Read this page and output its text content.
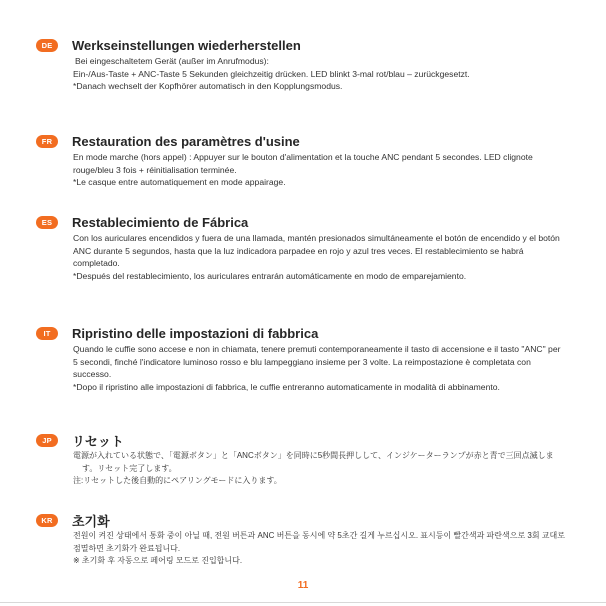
DE	Werkseinstellungen wiederherstellen

Bei eingeschaltetem Gerät (außer im Anrufmodus):

Ein-/Aus-Taste + ANC-Taste 5 Sekunden gleichzeitig drücken. LED blinkt 3-mal rot/blau – zurückgesetzt.

*Danach wechselt der Kopfhörer automatisch in den Kopplungsmodus.

FR	Restauration des paramètres d'usine

En mode marche (hors appel) : Appuyer sur le bouton d'alimentation et la touche ANC pendant 5 secondes. LED clignote rouge/bleu 3 fois + réinitialisation terminée.

*Le casque entre automatiquement en mode appairage.

ES	Restablecimiento de Fábrica

Con los auriculares encendidos y fuera de una llamada, mantén presionados simultáneamente el botón de encendido y el botón ANC durante 5 segundos, hasta que la luz indicadora parpadee en rojo y azul tres veces. El restablecimiento se habrá completado.

*Después del restablecimiento, los auriculares entrarán automáticamente en modo de emparejamiento.

IT	Ripristino delle impostazioni di fabbrica

Quando le cuffie sono accese e non in chiamata, tenere premuti contemporaneamente il tasto di accensione e il tasto "ANC" per 5 secondi, finché l'indicatore luminoso rosso e blu lampeggiano insieme per 3 volte. La reimpostazione è completata con successo.

*Dopo il ripristino alle impostazioni di fabbrica, le cuffie entreranno automaticamente in modalità di abbinamento.

JP	リセット

電源が入れている状態で、「電源ボタン」と「ANCボタン」を同時に5秒間長押しして、インジケーターランプが赤と青で三回点滅します。リセット完了します。

注:リセットした後自動的にペアリングモードに入ります。

KR	초기화

전원이 켜진 상태에서 통화 중이 아닐 때, 전원 버튼과 ANC 버튼을 동시에 약 5초간 길게 누르십시오. 표시등이 빨간색과 파란색으로 3회 교대로 점멸하면 초기화가 완료됩니다.

※ 초기화 후 자동으로 페어링 모드로 진입합니다.

11
